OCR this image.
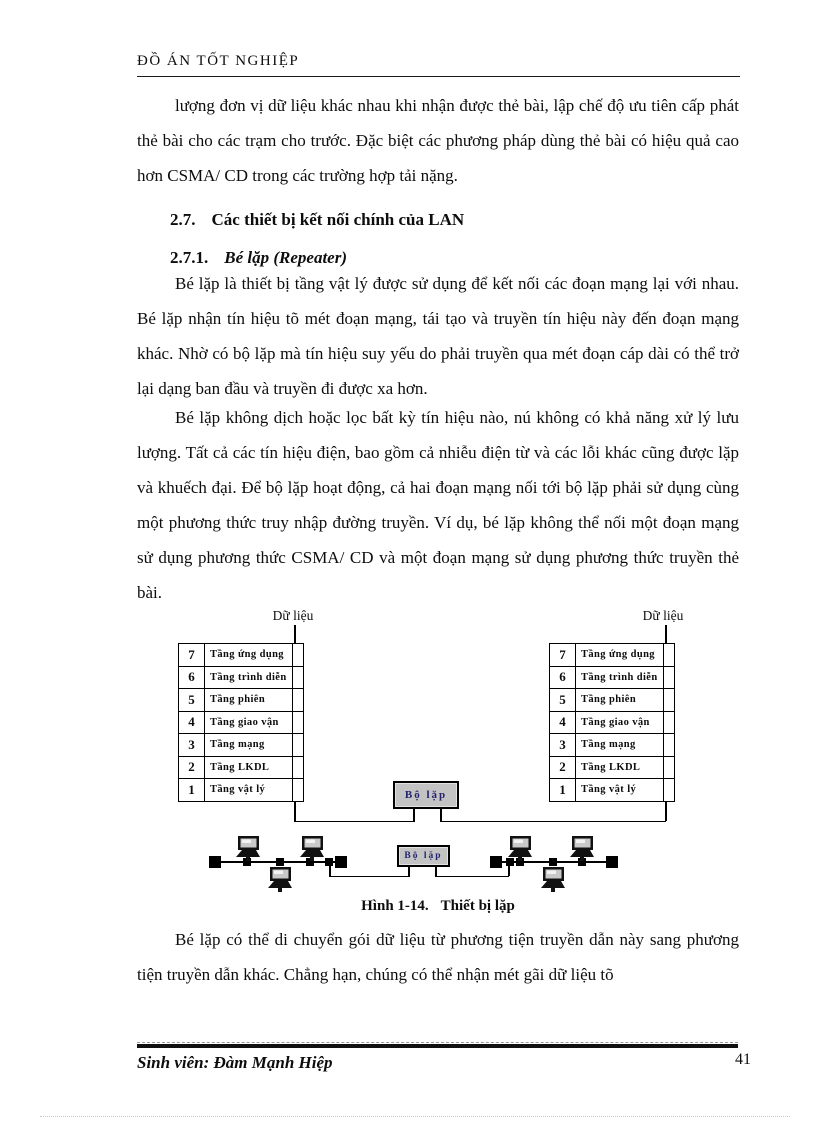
ĐỒ ÁN TỐT NGHIỆP

lượng đơn vị dữ liệu khác nhau khi nhận được thẻ bài, lập chế độ ưu tiên cấp phát thẻ bài cho các trạm cho trước. Đặc biệt các phương pháp dùng thẻ bài có hiệu quả cao hơn CSMA/ CD trong các trường hợp tải nặng.

2.7. Các thiết bị kết nối chính của LAN
2.7.1. Bé lặp (Repeater)

Bé lặp là thiết bị tầng vật lý được sử dụng để kết nối các đoạn mạng lại với nhau. Bé lặp nhận tín hiệu tõ mét đoạn mạng, tái tạo và truyền tín hiệu này đến đoạn mạng khác. Nhờ có bộ lặp mà tín hiệu suy yếu do phải truyền qua mét đoạn cáp dài có thể trở lại dạng ban đầu và truyền đi được xa hơn.

Bé lặp không dịch hoặc lọc bất kỳ tín hiệu nào, nú không có khả năng xử lý lưu lượng. Tất cả các tín hiệu điện, bao gồm cả nhiễu điện từ và các lỗi khác cũng được lặp và khuếch đại. Để bộ lặp hoạt động, cả hai đoạn mạng nối tới bộ lặp phải sử dụng cùng một phương thức truy nhập đường truyền. Ví dụ, bé lặp không thể nối một đoạn mạng sử dụng phương thức CSMA/ CD và một đoạn mạng sử dụng phương thức truyền thẻ bài.

Dữ liệu	Dữ liệu
7	Tầng ứng dụng	
6	Tầng trình diễn	
5	Tầng phiên	
4	Tầng giao vận	
3	Tầng mạng	
2	Tầng LKDL	
1	Tầng vật lý	
7	Tầng ứng dụng	
6	Tầng trình diễn	
5	Tầng phiên	
4	Tầng giao vận	
3	Tầng mạng	
2	Tầng LKDL	
1	Tầng vật lý	
Bộ lặp
Bộ lặp
Hình 1-14. Thiết bị lặp

Bé lặp có thể di chuyển gói dữ liệu từ phương tiện truyền dẫn này sang phương tiện truyền dẫn khác. Chẳng hạn, chúng có thể nhận mét gãi dữ liệu tõ

Sinh viên: Đàm Mạnh Hiệp	41
